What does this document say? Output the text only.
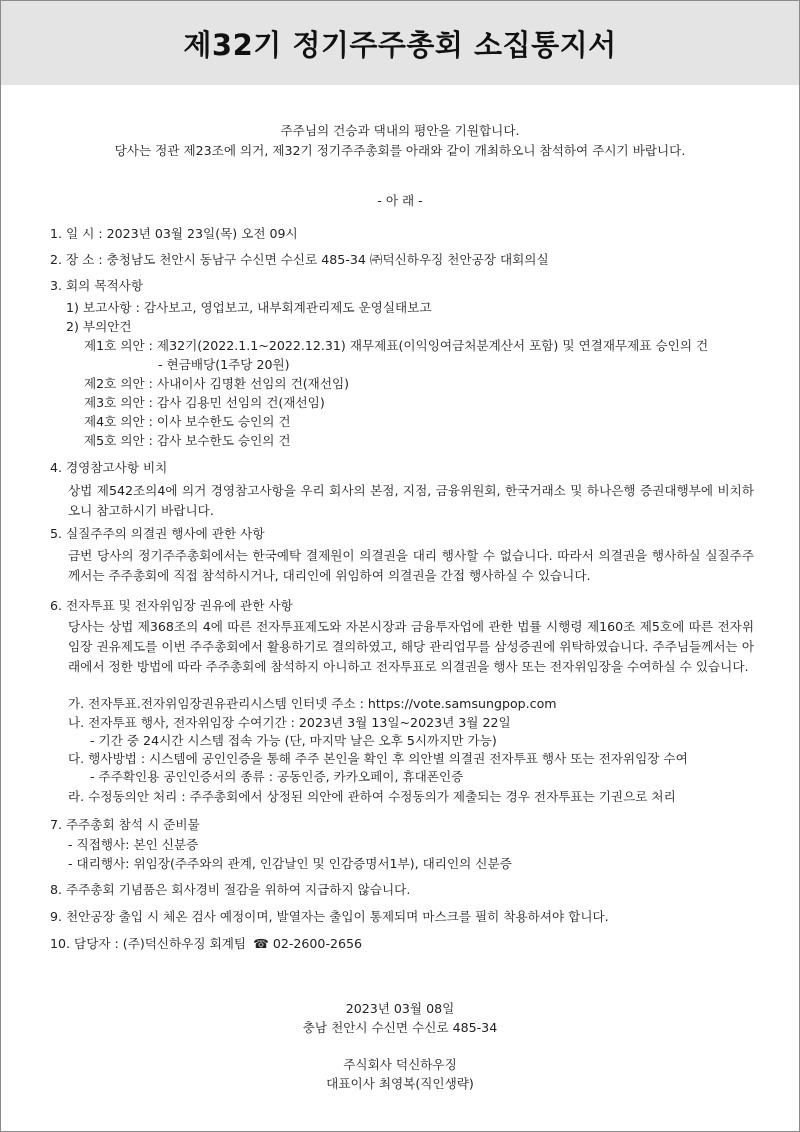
제32기 정기주주총회 소집통지서
주주님의 건승과 댁내의 평안을 기원합니다.
당사는 정관 제23조에 의거, 제32기 정기주주총회를 아래와 같이 개최하오니 참석하여 주시기 바랍니다.
- 아 래 -
1. 일 시 : 2023년 03월 23일(목) 오전 09시
2. 장 소 : 충청남도 천안시 동남구 수신면 수신로 485-34 ㈜덕신하우징 천안공장 대회의실
3. 회의 목적사항
1) 보고사항 : 감사보고, 영업보고, 내부회계관리제도 운영실태보고
2) 부의안건
제1호 의안 : 제32기(2022.1.1~2022.12.31) 재무제표(이익잉여금처분계산서 포함) 및 연결재무제표 승인의 건
- 현금배당(1주당 20원)
제2호 의안 : 사내이사 김명환 선임의 건(재선임)
제3호 의안 : 감사 김용민 선임의 건(재선임)
제4호 의안 : 이사 보수한도 승인의 건
제5호 의안 : 감사 보수한도 승인의 건
4. 경영참고사항 비치
상법 제542조의4에 의거 경영참고사항을 우리 회사의 본점, 지점, 금융위원회, 한국거래소 및 하나은행 증권대행부에 비치하오니 참고하시기 바랍니다.
5. 실질주주의 의결권 행사에 관한 사항
금번 당사의 정기주주총회에서는 한국예탁 결제원이 의결권을 대리 행사할 수 없습니다. 따라서 의결권을 행사하실 실질주주께서는 주주총회에 직접 참석하시거나, 대리인에 위임하여 의결권을 간접 행사하실 수 있습니다.
6. 전자투표 및 전자위임장 권유에 관한 사항
당사는 상법 제368조의 4에 따른 전자투표제도와 자본시장과 금융투자업에 관한 법률 시행령 제160조 제5호에 따른 전자위임장 권유제도를 이번 주주총회에서 활용하기로 결의하였고, 해당 관리업무를 삼성증권에 위탁하였습니다. 주주님들께서는 아래에서 정한 방법에 따라 주주총회에 참석하지 아니하고 전자투표로 의결권을 행사 또는 전자위임장을 수여하실 수 있습니다.
가. 전자투표.전자위임장권유관리시스템 인터넷 주소 : https://vote.samsungpop.com
나. 전자투표 행사, 전자위임장 수여기간 : 2023년 3월 13일~2023년 3월 22일
- 기간 중 24시간 시스템 접속 가능 (단, 마지막 날은 오후 5시까지만 가능)
다. 행사방법 : 시스템에 공인인증을 통해 주주 본인을 확인 후 의안별 의결권 전자투표 행사 또는 전자위임장 수여
- 주주확인용 공인인증서의 종류 : 공동인증, 카카오페이, 휴대폰인증
라. 수정동의안 처리 : 주주총회에서 상정된 의안에 관하여 수정동의가 제출되는 경우 전자투표는 기권으로 처리
7. 주주총회 참석 시 준비물
- 직접행사: 본인 신분증
- 대리행사: 위임장(주주와의 관계, 인감날인 및 인감증명서1부), 대리인의 신분증
8. 주주총회 기념품은 회사경비 절감을 위하여 지급하지 않습니다.
9. 천안공장 출입 시 체온 검사 예정이며, 발열자는 출입이 통제되며 마스크를 필히 착용하셔야 합니다.
10. 담당자 : (주)덕신하우징 회계팀 ☎ 02-2600-2656
2023년 03월 08일
충남 천안시 수신면 수신로 485-34
주식회사 덕신하우징
대표이사 최영복(직인생략)
